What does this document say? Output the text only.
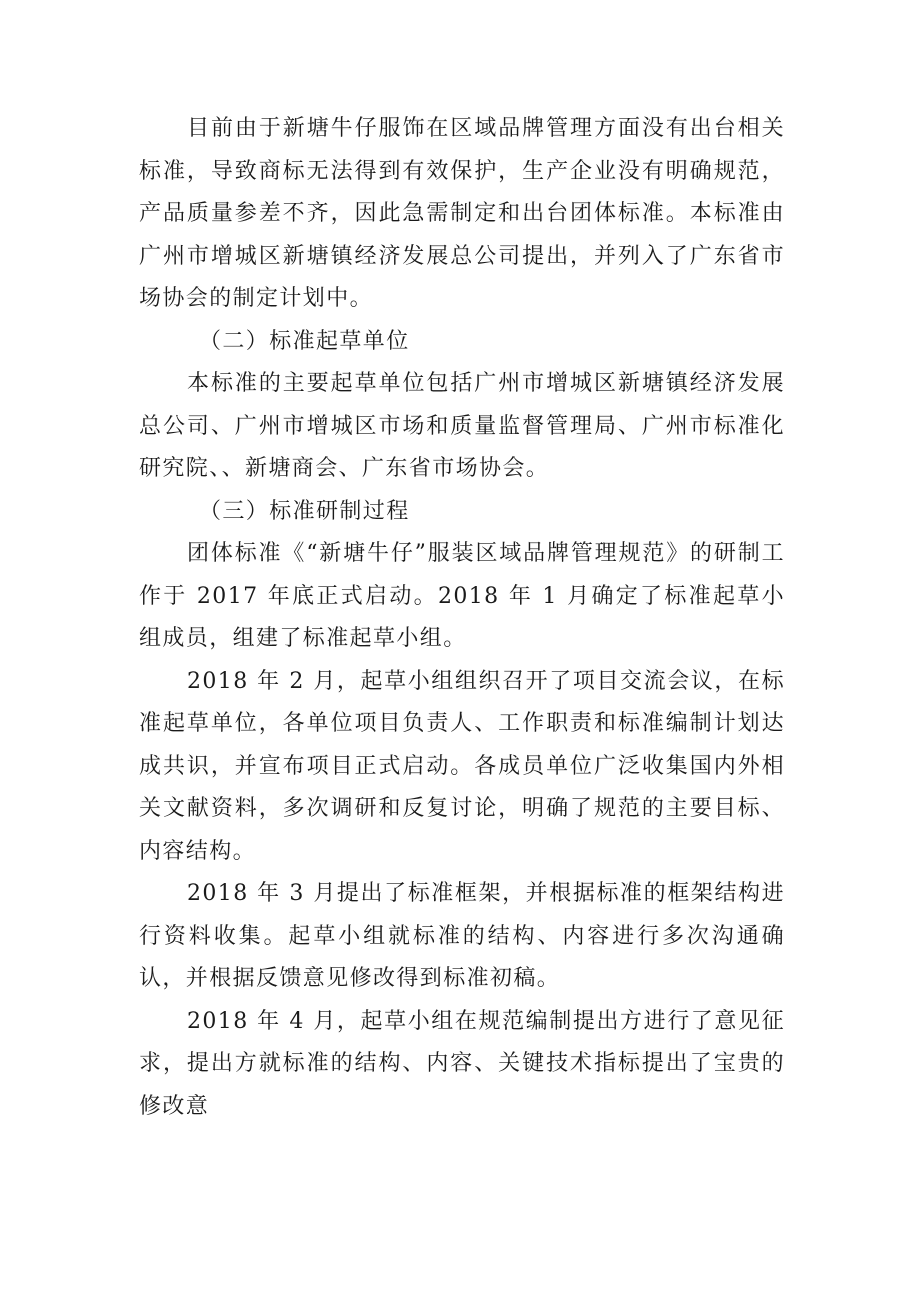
目前由于新塘牛仔服饰在区域品牌管理方面没有出台相关标准，导致商标无法得到有效保护，生产企业没有明确规范，产品质量参差不齐，因此急需制定和出台团体标准。本标准由广州市增城区新塘镇经济发展总公司提出，并列入了广东省市场协会的制定计划中。

（二）标准起草单位

本标准的主要起草单位包括广州市增城区新塘镇经济发展总公司、广州市增城区市场和质量监督管理局、广州市标准化研究院、、新塘商会、广东省市场协会。

（三）标准研制过程

团体标准《“新塘牛仔”服装区域品牌管理规范》的研制工作于 2017 年底正式启动。2018 年 1 月确定了标准起草小组成员，组建了标准起草小组。

2018 年 2 月，起草小组组织召开了项目交流会议，在标准起草单位，各单位项目负责人、工作职责和标准编制计划达成共识，并宣布项目正式启动。各成员单位广泛收集国内外相关文献资料，多次调研和反复讨论，明确了规范的主要目标、内容结构。

2018 年 3 月提出了标准框架，并根据标准的框架结构进行资料收集。起草小组就标准的结构、内容进行多次沟通确认，并根据反馈意见修改得到标准初稿。

2018 年 4 月，起草小组在规范编制提出方进行了意见征求，提出方就标准的结构、内容、关键技术指标提出了宝贵的修改意
